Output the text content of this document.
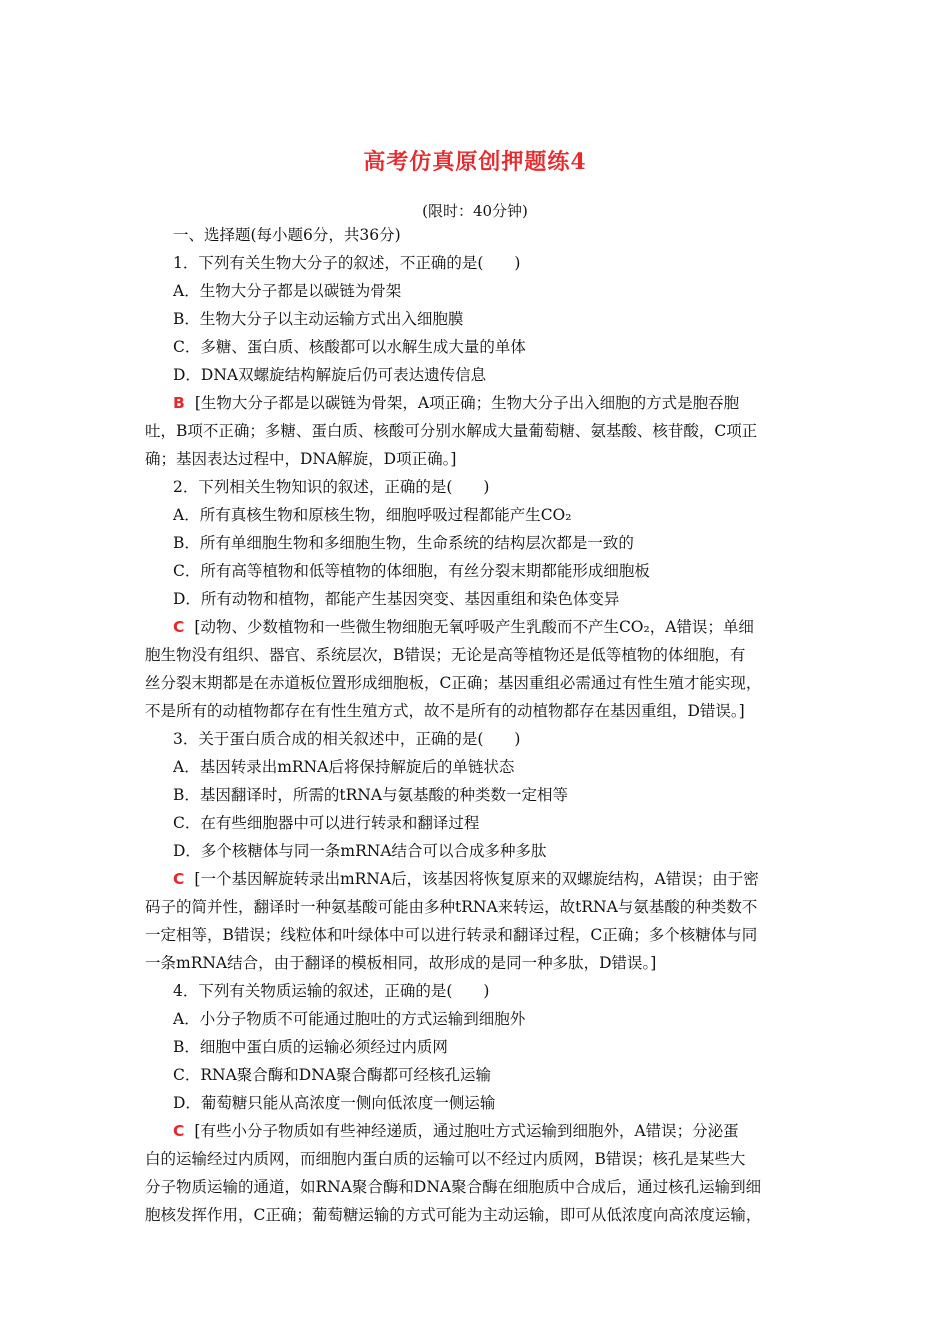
高考仿真原创押题练4
(限时：40分钟)

一、选择题(每小题6分，共36分)

1．下列有关生物大分子的叙述，不正确的是(　　)

A．生物大分子都是以碳链为骨架

B．生物大分子以主动运输方式出入细胞膜

C．多糖、蛋白质、核酸都可以水解生成大量的单体

D．DNA双螺旋结构解旋后仍可表达遗传信息

B [生物大分子都是以碳链为骨架，A项正确；生物大分子出入细胞的方式是胞吞胞

吐，B项不正确；多糖、蛋白质、核酸可分别水解成大量葡萄糖、氨基酸、核苷酸，C项正

确；基因表达过程中，DNA解旋，D项正确。]

2．下列相关生物知识的叙述，正确的是(　　)

A．所有真核生物和原核生物，细胞呼吸过程都能产生CO₂

B．所有单细胞生物和多细胞生物，生命系统的结构层次都是一致的

C．所有高等植物和低等植物的体细胞，有丝分裂末期都能形成细胞板

D．所有动物和植物，都能产生基因突变、基因重组和染色体变异

C [动物、少数植物和一些微生物细胞无氧呼吸产生乳酸而不产生CO₂，A错误；单细

胞生物没有组织、器官、系统层次，B错误；无论是高等植物还是低等植物的体细胞，有

丝分裂末期都是在赤道板位置形成细胞板，C正确；基因重组必需通过有性生殖才能实现，

不是所有的动植物都存在有性生殖方式，故不是所有的动植物都存在基因重组，D错误。]

3．关于蛋白质合成的相关叙述中，正确的是(　　)

A．基因转录出mRNA后将保持解旋后的单链状态

B．基因翻译时，所需的tRNA与氨基酸的种类数一定相等

C．在有些细胞器中可以进行转录和翻译过程

D．多个核糖体与同一条mRNA结合可以合成多种多肽

C [一个基因解旋转录出mRNA后，该基因将恢复原来的双螺旋结构，A错误；由于密

码子的简并性，翻译时一种氨基酸可能由多种tRNA来转运，故tRNA与氨基酸的种类数不

一定相等，B错误；线粒体和叶绿体中可以进行转录和翻译过程，C正确；多个核糖体与同

一条mRNA结合，由于翻译的模板相同，故形成的是同一种多肽，D错误。]

4．下列有关物质运输的叙述，正确的是(　　)

A．小分子物质不可能通过胞吐的方式运输到细胞外

B．细胞中蛋白质的运输必须经过内质网

C．RNA聚合酶和DNA聚合酶都可经核孔运输

D．葡萄糖只能从高浓度一侧向低浓度一侧运输

C [有些小分子物质如有些神经递质，通过胞吐方式运输到细胞外，A错误；分泌蛋

白的运输经过内质网，而细胞内蛋白质的运输可以不经过内质网，B错误；核孔是某些大

分子物质运输的通道，如RNA聚合酶和DNA聚合酶在细胞质中合成后，通过核孔运输到细

胞核发挥作用，C正确；葡萄糖运输的方式可能为主动运输，即可从低浓度向高浓度运输，
